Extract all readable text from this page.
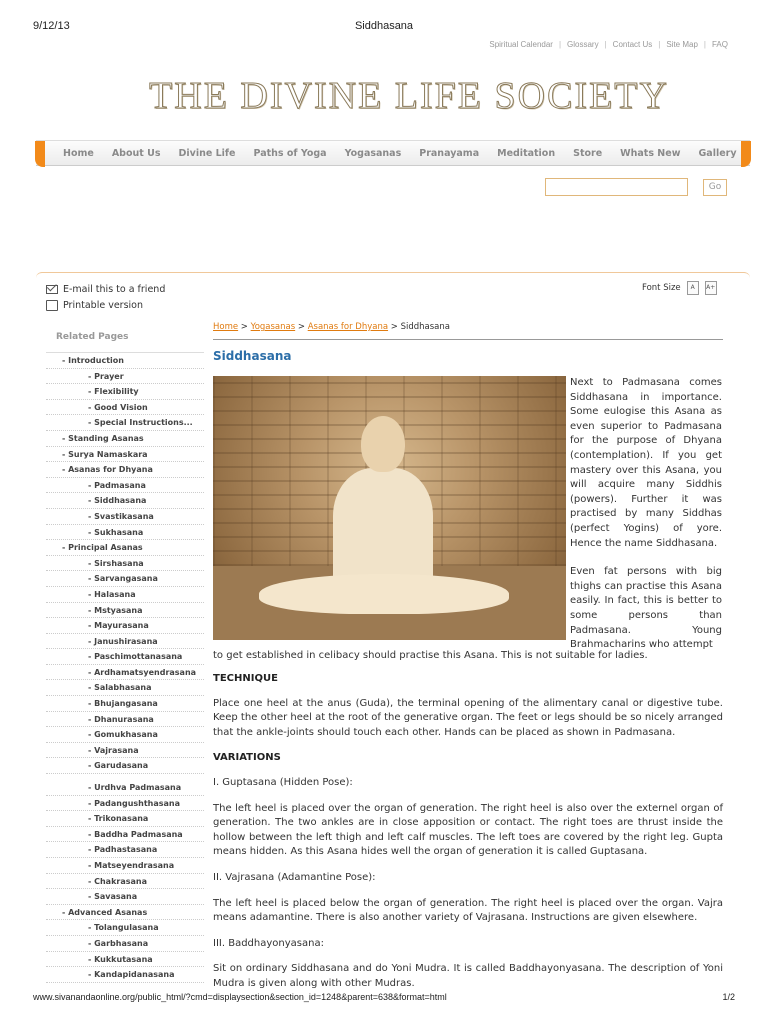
9/12/13	Siddhasana
Spiritual Calendar | Glossary | Contact Us | Site Map | FAQ
THE DIVINE LIFE SOCIETY
Home About Us Divine Life Paths of Yoga Yogasanas Pranayama Meditation Store Whats New Gallery
Go
E-mail this to a friend
Printable version
Font Size	A	A+
Related Pages
- Introduction
- Prayer
- Flexibility
- Good Vision
- Special Instructions...
- Standing Asanas
- Surya Namaskara
- Asanas for Dhyana
- Padmasana
- Siddhasana
- Svastikasana
- Sukhasana
- Principal Asanas
- Sirshasana
- Sarvangasana
- Halasana
- Mstyasana
- Mayurasana
- Janushirasana
- Paschimottanasana
- Ardhamatsyendrasana
- Salabhasana
- Bhujangasana
- Dhanurasana
- Gomukhasana
- Vajrasana
- Garudasana
- Urdhva Padmasana
- Padangushthasana
- Trikonasana
- Baddha Padmasana
- Padhastasana
- Matseyendrasana
- Chakrasana
- Savasana
- Advanced Asanas
- Tolangulasana
- Garbhasana
- Kukkutasana
- Kandapidanasana
Home > Yogasanas > Asanas for Dhyana > Siddhasana
Siddhasana

Next to Padmasana comes Siddhasana in importance. Some eulogise this Asana as even superior to Padmasana for the purpose of Dhyana (contemplation). If you get mastery over this Asana, you will acquire many Siddhis (powers). Further it was practised by many Siddhas (perfect Yogins) of yore. Hence the name Siddhasana.

Even fat persons with big thighs can practise this Asana easily. In fact, this is better to some persons than Padmasana. Young Brahmacharins who attempt

to get established in celibacy should practise this Asana. This is not suitable for ladies.
TECHNIQUE

Place one heel at the anus (Guda), the terminal opening of the alimentary canal or digestive tube. Keep the other heel at the root of the generative organ. The feet or legs should be so nicely arranged that the ankle-joints should touch each other. Hands can be placed as shown in Padmasana.

VARIATIONS

I. Guptasana (Hidden Pose):

The left heel is placed over the organ of generation. The right heel is also over the externel organ of generation. The two ankles are in close apposition or contact. The right toes are thrust inside the hollow between the left thigh and left calf muscles. The left toes are covered by the right leg. Gupta means hidden. As this Asana hides well the organ of generation it is called Guptasana.

II. Vajrasana (Adamantine Pose):

The left heel is placed below the organ of generation. The right heel is placed over the organ. Vajra means adamantine. There is also another variety of Vajrasana. Instructions are given elsewhere.

III. Baddhayonyasana:

Sit on ordinary Siddhasana and do Yoni Mudra. It is called Baddhayonyasana. The description of Yoni Mudra is given along with other Mudras.

www.sivanandaonline.org/public_html/?cmd=displaysection&section_id=1248&parent=638&format=html	1/2
